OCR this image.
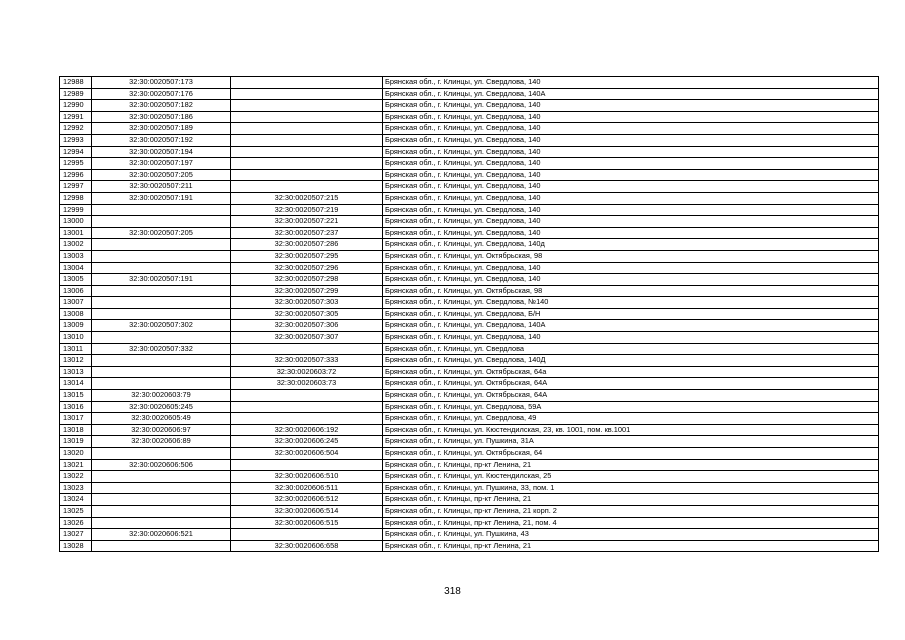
12988	32:30:0020507:173		Брянская обл., г. Клинцы, ул. Свердлова, 140
12989	32:30:0020507:176		Брянская обл., г. Клинцы, ул. Свердлова, 140А
12990	32:30:0020507:182		Брянская обл., г. Клинцы, ул. Свердлова, 140
12991	32:30:0020507:186		Брянская обл., г. Клинцы, ул. Свердлова, 140
12992	32:30:0020507:189		Брянская обл., г. Клинцы, ул. Свердлова, 140
12993	32:30:0020507:192		Брянская обл., г. Клинцы, ул. Свердлова, 140
12994	32:30:0020507:194		Брянская обл., г. Клинцы, ул. Свердлова, 140
12995	32:30:0020507:197		Брянская обл., г. Клинцы, ул. Свердлова, 140
12996	32:30:0020507:205		Брянская обл., г. Клинцы, ул. Свердлова, 140
12997	32:30:0020507:211		Брянская обл., г. Клинцы, ул. Свердлова, 140
12998	32:30:0020507:191	32:30:0020507:215	Брянская обл., г. Клинцы, ул. Свердлова, 140
12999		32:30:0020507:219	Брянская обл., г. Клинцы, ул. Свердлова, 140
13000		32:30:0020507:221	Брянская обл., г. Клинцы, ул. Свердлова, 140
13001	32:30:0020507:205	32:30:0020507:237	Брянская обл., г. Клинцы, ул. Свердлова, 140
13002		32:30:0020507:286	Брянская обл., г. Клинцы, ул. Свердлова, 140д
13003		32:30:0020507:295	Брянская обл., г. Клинцы, ул. Октябрьская, 98
13004		32:30:0020507:296	Брянская обл., г. Клинцы, ул. Свердлова, 140
13005	32:30:0020507:191	32:30:0020507:298	Брянская обл., г. Клинцы, ул. Свердлова, 140
13006		32:30:0020507:299	Брянская обл., г. Клинцы, ул. Октябрьская, 98
13007		32:30:0020507:303	Брянская обл., г. Клинцы, ул. Свердлова, №140
13008		32:30:0020507:305	Брянская обл., г. Клинцы, ул. Свердлова, Б/Н
13009	32:30:0020507:302	32:30:0020507:306	Брянская обл., г. Клинцы, ул. Свердлова, 140А
13010		32:30:0020507:307	Брянская обл., г. Клинцы, ул. Свердлова, 140
13011	32:30:0020507:332		Брянская обл., г. Клинцы, ул. Свердлова
13012		32:30:0020507:333	Брянская обл., г. Клинцы, ул. Свердлова, 140Д
13013		32:30:0020603:72	Брянская обл., г. Клинцы, ул. Октябрьская, 64а
13014		32:30:0020603:73	Брянская обл., г. Клинцы, ул. Октябрьская, 64А
13015	32:30:0020603:79		Брянская обл., г. Клинцы, ул. Октябрьская, 64А
13016	32:30:0020605:245		Брянская обл., г. Клинцы, ул. Свердлова, 59А
13017	32:30:0020605:49		Брянская обл., г. Клинцы, ул. Свердлова, 49
13018	32:30:0020606:97	32:30:0020606:192	Брянская обл., г. Клинцы, ул. Кюстендилская, 23, кв. 1001, пом. кв.1001
13019	32:30:0020606:89	32:30:0020606:245	Брянская обл., г. Клинцы, ул. Пушкина, 31А
13020		32:30:0020606:504	Брянская обл., г. Клинцы, ул. Октябрьская, 64
13021	32:30:0020606:506		Брянская обл., г. Клинцы, пр-кт Ленина, 21
13022		32:30:0020606:510	Брянская обл., г. Клинцы, ул. Кюстендилская, 25
13023		32:30:0020606:511	Брянская обл., г. Клинцы, ул. Пушкина, 33, пом. 1
13024		32:30:0020606:512	Брянская обл., г. Клинцы, пр-кт Ленина, 21
13025		32:30:0020606:514	Брянская обл., г. Клинцы, пр-кт Ленина, 21 корп. 2
13026		32:30:0020606:515	Брянская обл., г. Клинцы, пр-кт Ленина, 21, пом. 4
13027	32:30:0020606:521		Брянская обл., г. Клинцы, ул. Пушкина, 43
13028		32:30:0020606:658	Брянская обл., г. Клинцы, пр-кт Ленина, 21
318
